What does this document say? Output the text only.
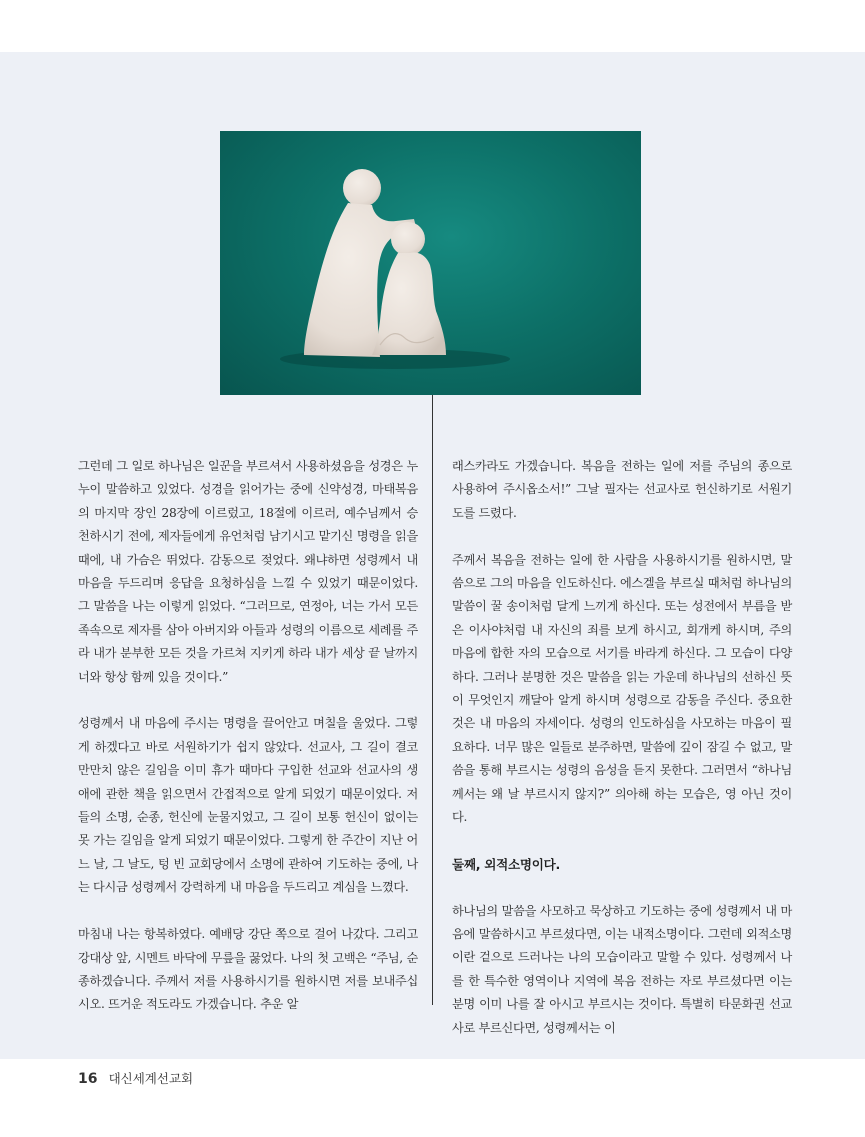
그런데 그 일로 하나님은 일꾼을 부르셔서 사용하셨음을 성경은 누누이 말씀하고 있었다. 성경을 읽어가는 중에 신약성경, 마태복음의 마지막 장인 28장에 이르렀고, 18절에 이르러, 예수님께서 승천하시기 전에, 제자들에게 유언처럼 남기시고 맡기신 명령을 읽을 때에, 내 가슴은 뛰었다. 감동으로 젖었다. 왜냐하면 성령께서 내 마음을 두드리며 응답을 요청하심을 느낄 수 있었기 때문이었다. 그 말씀을 나는 이렇게 읽었다. “그러므로, 연정아, 너는 가서 모든 족속으로 제자를 삼아 아버지와 아들과 성령의 이름으로 세례를 주라 내가 분부한 모든 것을 가르쳐 지키게 하라 내가 세상 끝 날까지 너와 항상 함께 있을 것이다.”

성령께서 내 마음에 주시는 명령을 끌어안고 며칠을 울었다. 그렇게 하겠다고 바로 서원하기가 쉽지 않았다. 선교사, 그 길이 결코 만만치 않은 길임을 이미 휴가 때마다 구입한 선교와 선교사의 생애에 관한 책을 읽으면서 간접적으로 알게 되었기 때문이었다. 저들의 소명, 순종, 헌신에 눈물지었고, 그 길이 보통 헌신이 없이는 못 가는 길임을 알게 되었기 때문이었다. 그렇게 한 주간이 지난 어느 날, 그 날도, 텅 빈 교회당에서 소명에 관하여 기도하는 중에, 나는 다시금 성령께서 강력하게 내 마음을 두드리고 계심을 느꼈다.

마침내 나는 항복하였다. 예배당 강단 쪽으로 걸어 나갔다. 그리고 강대상 앞, 시멘트 바닥에 무릎을 꿇었다. 나의 첫 고백은 “주님, 순종하겠습니다. 주께서 저를 사용하시기를 원하시면 저를 보내주십시오. 뜨거운 적도라도 가겠습니다. 추운 알

래스카라도 가겠습니다. 복음을 전하는 일에 저를 주님의 종으로 사용하여 주시옵소서!” 그날 필자는 선교사로 헌신하기로 서원기도를 드렸다.

주께서 복음을 전하는 일에 한 사람을 사용하시기를 원하시면, 말씀으로 그의 마음을 인도하신다. 에스겔을 부르실 때처럼 하나님의 말씀이 꿀 송이처럼 달게 느끼게 하신다. 또는 성전에서 부름을 받은 이사야처럼 내 자신의 죄를 보게 하시고, 회개케 하시며, 주의 마음에 합한 자의 모습으로 서기를 바라게 하신다. 그 모습이 다양하다. 그러나 분명한 것은 말씀을 읽는 가운데 하나님의 선하신 뜻이 무엇인지 깨달아 알게 하시며 성령으로 감동을 주신다. 중요한 것은 내 마음의 자세이다. 성령의 인도하심을 사모하는 마음이 필요하다. 너무 많은 일들로 분주하면, 말씀에 깊이 잠길 수 없고, 말씀을 통해 부르시는 성령의 음성을 듣지 못한다. 그러면서 “하나님께서는 왜 날 부르시지 않지?” 의아해 하는 모습은, 영 아닌 것이다.

둘째, 외적소명이다.

하나님의 말씀을 사모하고 묵상하고 기도하는 중에 성령께서 내 마음에 말씀하시고 부르셨다면, 이는 내적소명이다. 그런데 외적소명이란 겉으로 드러나는 나의 모습이라고 말할 수 있다. 성령께서 나를 한 특수한 영역이나 지역에 복음 전하는 자로 부르셨다면 이는 분명 이미 나를 잘 아시고 부르시는 것이다. 특별히 타문화권 선교사로 부르신다면, 성령께서는 이

16 대신세계선교회
